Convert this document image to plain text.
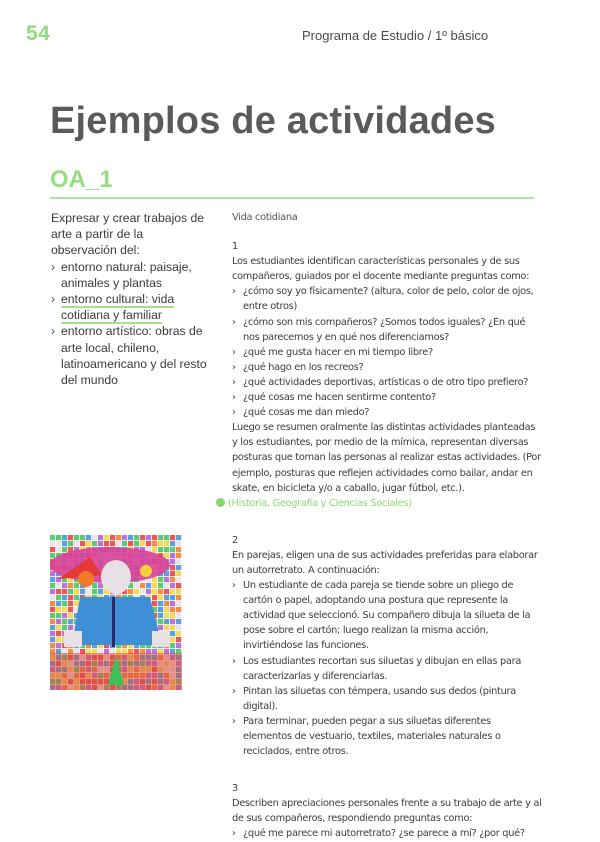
54	Programa de Estudio / 1º básico
Ejemplos de actividades
OA_1

Expresar y crear trabajos de arte a partir de la observación del:

› entorno natural: paisaje, animales y plantas
› entorno cultural: vida cotidiana y familiar
› entorno artístico: obras de arte local, chileno, latinoamericano y del resto del mundo

Vida cotidiana

1

Los estudiantes identifican características personales y de sus compañeros, guiados por el docente mediante preguntas como:

› ¿cómo soy yo físicamente? (altura, color de pelo, color de ojos, entre otros)
› ¿cómo son mis compañeros? ¿Somos todos iguales? ¿En qué nos parecemos y en qué nos diferenciamos?
› ¿qué me gusta hacer en mi tiempo libre?
› ¿qué hago en los recreos?
› ¿qué actividades deportivas, artísticas o de otro tipo prefiero?
› ¿qué cosas me hacen sentirme contento?
› ¿qué cosas me dan miedo?

Luego se resumen oralmente las distintas actividades planteadas y los estudiantes, por medio de la mímica, representan diversas posturas que toman las personas al realizar estas actividades. (Por ejemplo, posturas que reflejen actividades como bailar, andar en skate, en bicicleta y/o a caballo, jugar fútbol, etc.).

(Historia, Geografía y Ciencias Sociales)

2

En parejas, eligen una de sus actividades preferidas para elaborar un autorretrato. A continuación:

› Un estudiante de cada pareja se tiende sobre un pliego de cartón o papel, adoptando una postura que represente la actividad que seleccionó. Su compañero dibuja la silueta de la pose sobre el cartón; luego realizan la misma acción, invirtiéndose las funciones.
› Los estudiantes recortan sus siluetas y dibujan en ellas para caracterizarlas y diferenciarlas.
› Pintan las siluetas con témpera, usando sus dedos (pintura digital).
› Para terminar, pueden pegar a sus siluetas diferentes elementos de vestuario, textiles, materiales naturales o reciclados, entre otros.

3

Describen apreciaciones personales frente a su trabajo de arte y al de sus compañeros, respondiendo preguntas como:

› ¿qué me parece mi autorretrato? ¿se parece a mí? ¿por qué?
